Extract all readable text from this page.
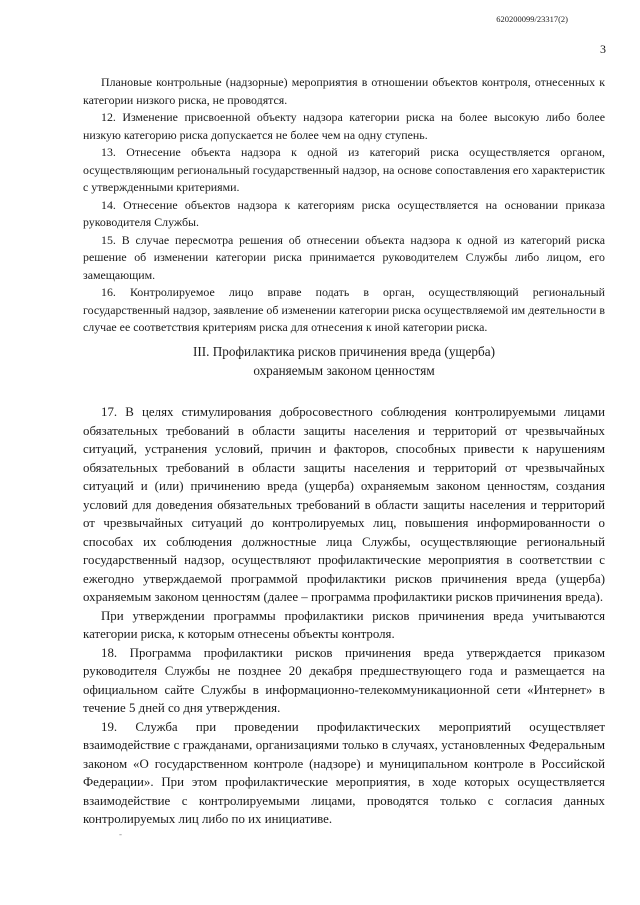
620200099/23317(2)
3

Плановые контрольные (надзорные) мероприятия в отношении объектов контроля, отнесенных к категории низкого риска, не проводятся.

12. Изменение присвоенной объекту надзора категории риска на более высокую либо более низкую категорию риска допускается не более чем на одну ступень.

13. Отнесение объекта надзора к одной из категорий риска осуществляется органом, осуществляющим региональный государственный надзор, на основе сопоставления его характеристик с утвержденными критериями.

14. Отнесение объектов надзора к категориям риска осуществляется на основании приказа руководителя Службы.

15. В случае пересмотра решения об отнесении объекта надзора к одной из категорий риска решение об изменении категории риска принимается руководителем Службы либо лицом, его замещающим.

16. Контролируемое лицо вправе подать в орган, осуществляющий региональный государственный надзор, заявление об изменении категории риска осуществляемой им деятельности в случае ее соответствия критериям риска для отнесения к иной категории риска.

III. Профилактика рисков причинения вреда (ущерба)
охраняемым законом ценностям

17. В целях стимулирования добросовестного соблюдения контролируемыми лицами обязательных требований в области защиты населения и территорий от чрезвычайных ситуаций, устранения условий, причин и факторов, способных привести к нарушениям обязательных требований в области защиты населения и территорий от чрезвычайных ситуаций и (или) причинению вреда (ущерба) охраняемым законом ценностям, создания условий для доведения обязательных требований в области защиты населения и территорий от чрезвычайных ситуаций до контролируемых лиц, повышения информированности о способах их соблюдения должностные лица Службы, осуществляющие региональный государственный надзор, осуществляют профилактические мероприятия в соответствии с ежегодно утверждаемой программой профилактики рисков причинения вреда (ущерба) охраняемым законом ценностям (далее – программа профилактики рисков причинения вреда).

При утверждении программы профилактики рисков причинения вреда учитываются категории риска, к которым отнесены объекты контроля.

18. Программа профилактики рисков причинения вреда утверждается приказом руководителя Службы не позднее 20 декабря предшествующего года и размещается на официальном сайте Службы в информационно-телекоммуникационной сети «Интернет» в течение 5 дней со дня утверждения.

19. Служба при проведении профилактических мероприятий осуществляет взаимодействие с гражданами, организациями только в случаях, установленных Федеральным законом «О государственном контроле (надзоре) и муниципальном контроле в Российской Федерации». При этом профилактические мероприятия, в ходе которых осуществляется взаимодействие с контролируемыми лицами, проводятся только с согласия данных контролируемых лиц либо по их инициативе.

-
